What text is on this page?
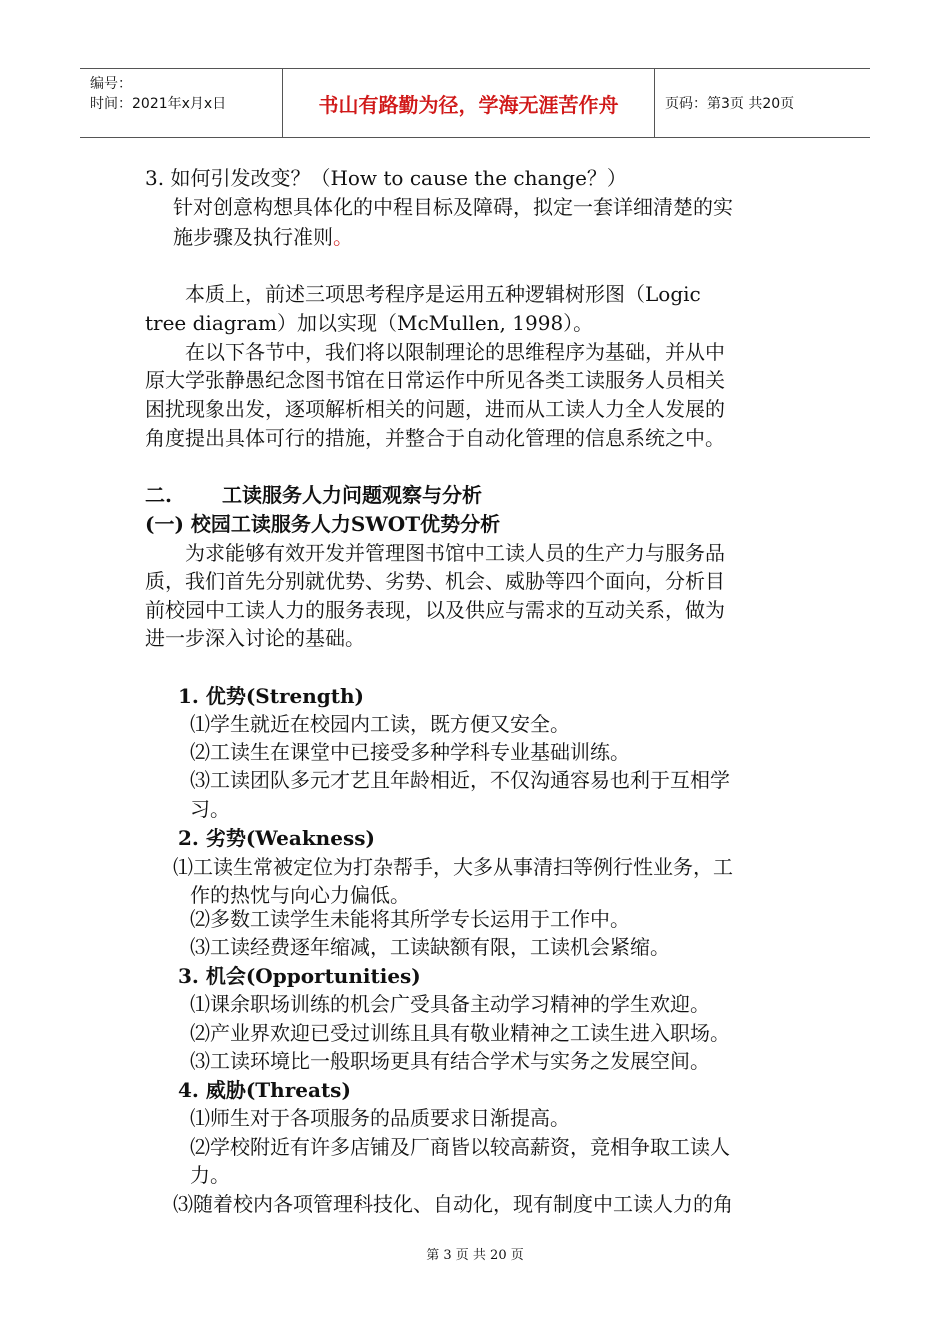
编号：
时间：2021年x月x日	书山有路勤为径，学海无涯苦作舟	页码：第3页 共20页
3. 如何引发改变？（How to cause the change？）
针对创意构想具体化的中程目标及障碍，拟定一套详细清楚的实
施步骤及执行准则。
本质上，前述三项思考程序是运用五种逻辑树形图（Logic
tree diagram）加以实现（McMullen, 1998）。
在以下各节中，我们将以限制理论的思维程序为基础，并从中
原大学张静愚纪念图书馆在日常运作中所见各类工读服务人员相关
困扰现象出发，逐项解析相关的问题，进而从工读人力全人发展的
角度提出具体可行的措施，并整合于自动化管理的信息系统之中。
二.	工读服务人力问题观察与分析
(一) 校园工读服务人力SWOT优势分析
为求能够有效开发并管理图书馆中工读人员的生产力与服务品
质，我们首先分别就优势、劣势、机会、威胁等四个面向，分析目
前校园中工读人力的服务表现，以及供应与需求的互动关系，做为
进一步深入讨论的基础。
1. 优势(Strength)
⑴学生就近在校园内工读，既方便又安全。
⑵工读生在课堂中已接受多种学科专业基础训练。
⑶工读团队多元才艺且年龄相近，不仅沟通容易也利于互相学
习。
2. 劣势(Weakness)
⑴工读生常被定位为打杂帮手，大多从事清扫等例行性业务，工
作的热忱与向心力偏低。
⑵多数工读学生未能将其所学专长运用于工作中。
⑶工读经费逐年缩减，工读缺额有限，工读机会紧缩。
3. 机会(Opportunities)
⑴课余职场训练的机会广受具备主动学习精神的学生欢迎。
⑵产业界欢迎已受过训练且具有敬业精神之工读生进入职场。
⑶工读环境比一般职场更具有结合学术与实务之发展空间。
4. 威胁(Threats)
⑴师生对于各项服务的品质要求日渐提高。
⑵学校附近有许多店铺及厂商皆以较高薪资，竞相争取工读人
力。
⑶随着校内各项管理科技化、自动化，现有制度中工读人力的角
第 3 页 共 20 页
